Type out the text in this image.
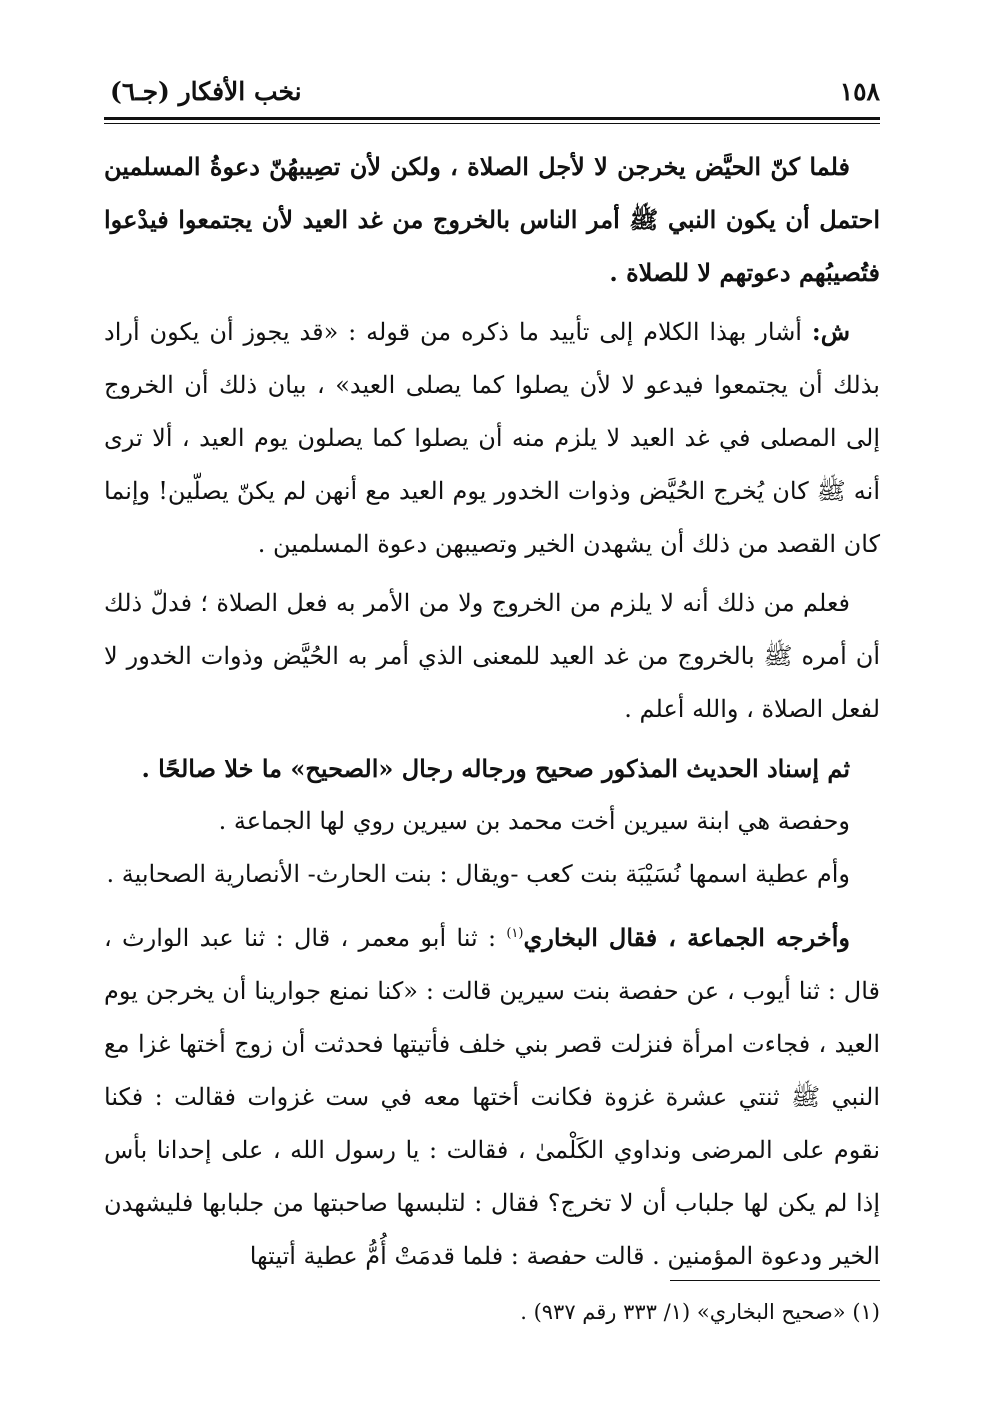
١٥٨
نخب الأفكار (جـ٦)

فلما كنّ الحيَّض يخرجن لا لأجل الصلاة ، ولكن لأن تصِيبهُنّ دعوةُ المسلمين احتمل أن يكون النبي ﷺ أمر الناس بالخروج من غد العيد لأن يجتمعوا فيدْعوا فتُصيبُهم دعوتهم لا للصلاة .

ش: أشار بهذا الكلام إلى تأييد ما ذكره من قوله : «قد يجوز أن يكون أراد بذلك أن يجتمعوا فيدعو لا لأن يصلوا كما يصلى العيد» ، بيان ذلك أن الخروج إلى المصلى في غد العيد لا يلزم منه أن يصلوا كما يصلون يوم العيد ، ألا ترى أنه ﷺ كان يُخرج الحُيَّض وذوات الخدور يوم العيد مع أنهن لم يكنّ يصلّين! وإنما كان القصد من ذلك أن يشهدن الخير وتصيبهن دعوة المسلمين .

فعلم من ذلك أنه لا يلزم من الخروج ولا من الأمر به فعل الصلاة ؛ فدلّ ذلك أن أمره ﷺ بالخروج من غد العيد للمعنى الذي أمر به الحُيَّض وذوات الخدور لا لفعل الصلاة ، والله أعلم .

ثم إسناد الحديث المذكور صحيح ورجاله رجال «الصحيح» ما خلا صالحًا .

وحفصة هي ابنة سيرين أخت محمد بن سيرين روي لها الجماعة .

وأم عطية اسمها نُسَيْبَة بنت كعب -ويقال : بنت الحارث- الأنصارية الصحابية .

وأخرجه الجماعة ، فقال البخاري$^{(١)}$ : ثنا أبو معمر ، قال : ثنا عبد الوارث ، قال : ثنا أيوب ، عن حفصة بنت سيرين قالت : «كنا نمنع جوارينا أن يخرجن يوم العيد ، فجاءت امرأة فنزلت قصر بني خلف فأتيتها فحدثت أن زوج أختها غزا مع النبي ﷺ ثنتي عشرة غزوة فكانت أختها معه في ست غزوات فقالت : فكنا نقوم على المرضى ونداوي الكَلْمىٰ ، فقالت : يا رسول الله ، على إحدانا بأس إذا لم يكن لها جلباب أن لا تخرج؟ فقال : لتلبسها صاحبتها من جلبابها فليشهدن الخير ودعوة المؤمنين . قالت حفصة : فلما قدمَتْ أُمُّ عطية أتيتها

(١) «صحيح البخاري» (١/ ٣٣٣ رقم ٩٣٧) .
